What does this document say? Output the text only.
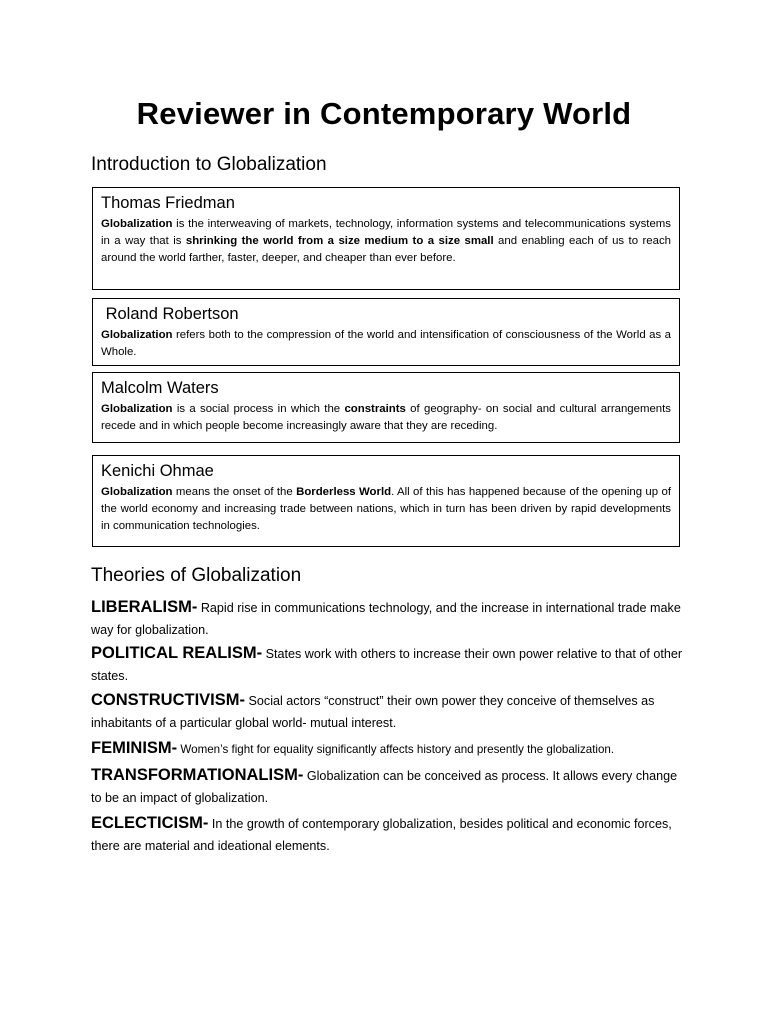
Reviewer in Contemporary World
Introduction to Globalization
Thomas Friedman
Globalization is the interweaving of markets, technology, information systems and telecommunications systems in a way that is shrinking the world from a size medium to a size small and enabling each of us to reach around the world farther, faster, deeper, and cheaper than ever before.
Roland Robertson
Globalization refers both to the compression of the world and intensification of consciousness of the World as a Whole.
Malcolm Waters
Globalization is a social process in which the constraints of geography- on social and cultural arrangements recede and in which people become increasingly aware that they are receding.
Kenichi Ohmae
Globalization means the onset of the Borderless World. All of this has happened because of the opening up of the world economy and increasing trade between nations, which in turn has been driven by rapid developments in communication technologies.
Theories of Globalization
LIBERALISM- Rapid rise in communications technology, and the increase in international trade make way for globalization.
POLITICAL REALISM- States work with others to increase their own power relative to that of other states.
CONSTRUCTIVISM- Social actors “construct” their own power they conceive of themselves as inhabitants of a particular global world- mutual interest.
FEMINISM- Women’s fight for equality significantly affects history and presently the globalization.
TRANSFORMATIONALISM- Globalization can be conceived as process. It allows every change to be an impact of globalization.
ECLECTICISM- In the growth of contemporary globalization, besides political and economic forces, there are material and ideational elements.
